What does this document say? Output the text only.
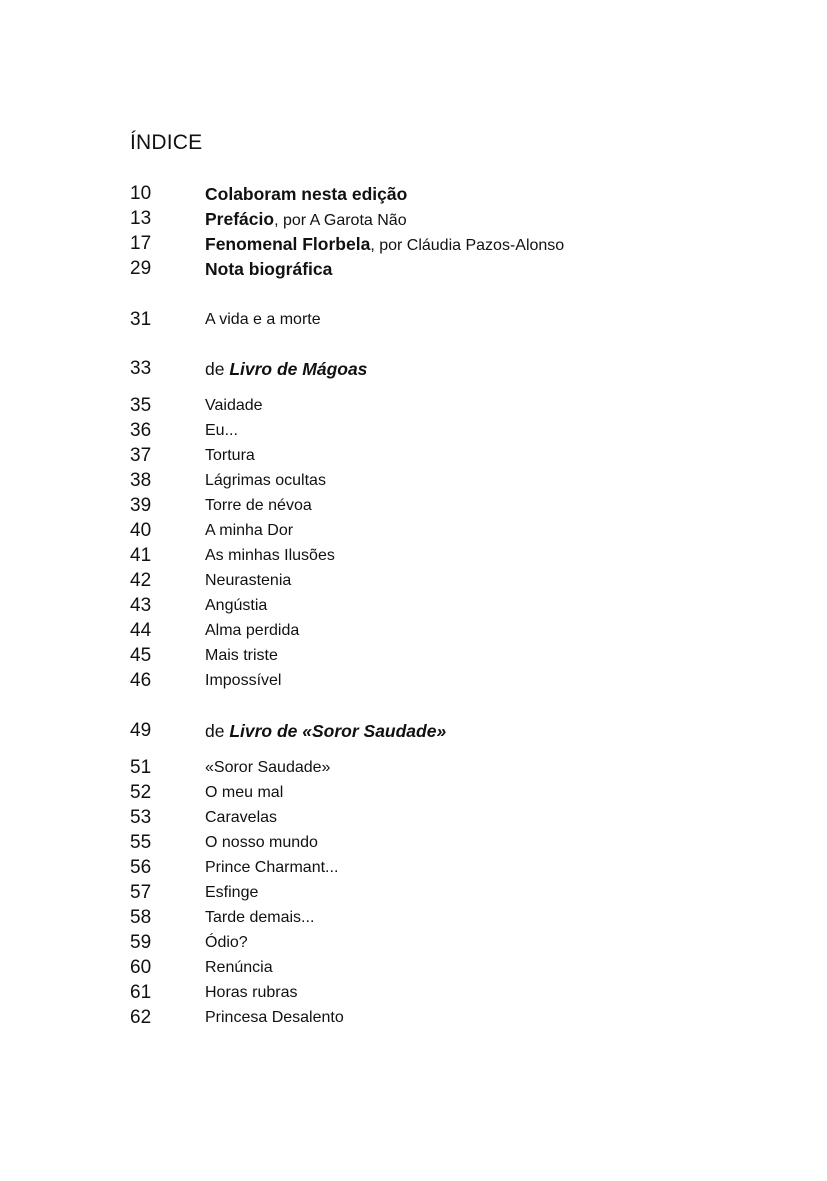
ÍNDICE
10	Colaboram nesta edição
13	Prefácio, por A Garota Não
17	Fenomenal Florbela, por Cláudia Pazos-Alonso
29	Nota biográfica
31	A vida e a morte
33	de Livro de Mágoas
35	Vaidade
36	Eu...
37	Tortura
38	Lágrimas ocultas
39	Torre de névoa
40	A minha Dor
41	As minhas Ilusões
42	Neurastenia
43	Angústia
44	Alma perdida
45	Mais triste
46	Impossível
49	de Livro de «Soror Saudade»
51	«Soror Saudade»
52	O meu mal
53	Caravelas
55	O nosso mundo
56	Prince Charmant...
57	Esfinge
58	Tarde demais...
59	Ódio?
60	Renúncia
61	Horas rubras
62	Princesa Desalento
